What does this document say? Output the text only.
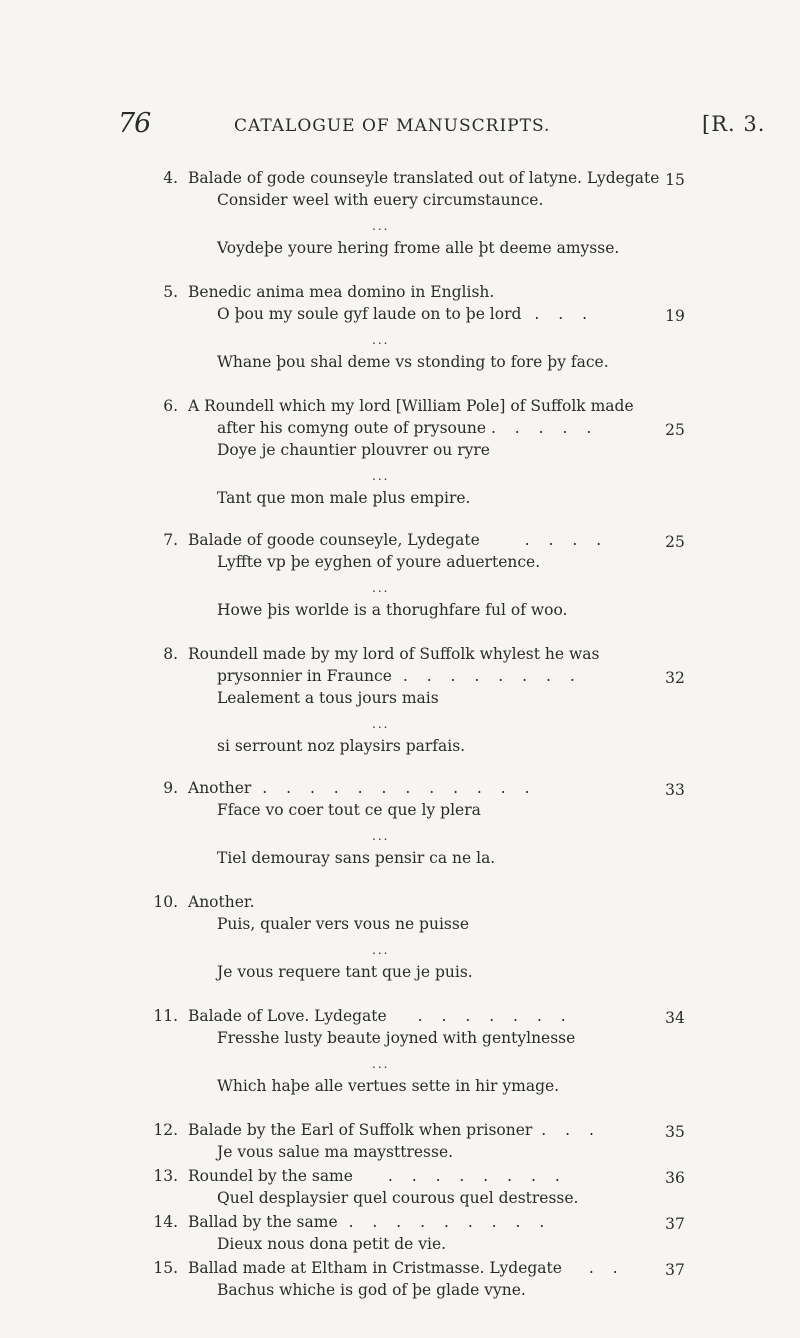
76	CATALOGUE OF MANUSCRIPTS.	[R. 3.
4. Balade of gode counseyle translated out of latyne. Lydegate 15
Consider weel with euery circumstaunce.
...
Voydeþe youre hering frome alle þt deeme amysse.
5. Benedic anima mea domino in English.
O þou my soule gyf laude on to þe lord . . .	19
...
Whane þou shal deme vs stonding to fore þy face.
6. A Roundell which my lord [William Pole] of Suffolk made
after his comyng oute of prysoune . . . . .	25
Doye je chauntier plouvrer ou ryre
...
Tant que mon male plus empire.
7. Balade of goode counseyle, Lydegate	. . . .	25
Lyffte vp þe eyghen of youre aduertence.
...
Howe þis worlde is a thorughfare ful of woo.
8. Roundell made by my lord of Suffolk whylest he was
prysonnier in Fraunce . . . . . . . .	32
Lealement a tous jours mais
...
si serrount noz playsirs parfais.
9. Another . . . . . . . . . . . .	33
Fface vo coer tout ce que ly plera
...
Tiel demouray sans pensir ca ne la.
10. Another.
Puis, qualer vers vous ne puisse
...
Je vous requere tant que je puis.
11. Balade of Love. Lydegate . . . . . . .	34
Fresshe lusty beaute joyned with gentylnesse
...
Which haþe alle vertues sette in hir ymage.
12. Balade by the Earl of Suffolk when prisoner . . .	35
Je vous salue ma maysttresse.
13. Roundel by the same . . . . . . . .	36
Quel desplaysier quel courous quel destresse.
14. Ballad by the same . . . . . . . . .	37
Dieux nous dona petit de vie.
15. Ballad made at Eltham in Cristmasse. Lydegate . .	37
Bachus whiche is god of þe glade vyne.
